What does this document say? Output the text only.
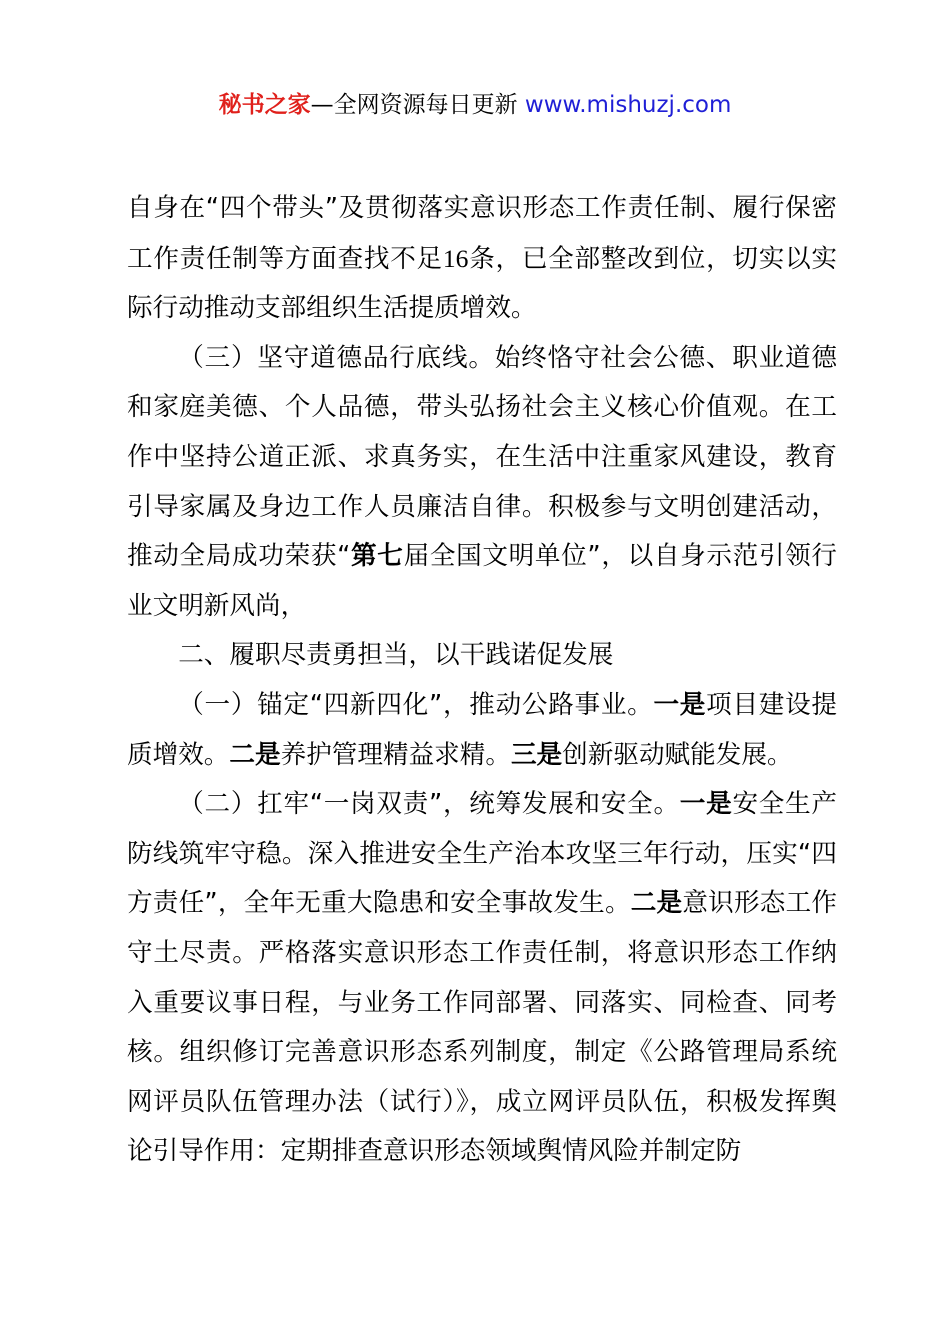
秘书之家—全网资源每日更新 www.mishuzj.com

自身在“四个带头”及贯彻落实意识形态工作责任制、履行保密工作责任制等方面查找不足16条，已全部整改到位，切实以实际行动推动支部组织生活提质增效。

（三）坚守道德品行底线。始终恪守社会公德、职业道德和家庭美德、个人品德，带头弘扬社会主义核心价值观。在工作中坚持公道正派、求真务实，在生活中注重家风建设，教育引导家属及身边工作人员廉洁自律。积极参与文明创建活动，推动全局成功荣获“第七届全国文明单位”，以自身示范引领行业文明新风尚，

二、履职尽责勇担当，以干践诺促发展

（一）锚定“四新四化”，推动公路事业。一是项目建设提质增效。二是养护管理精益求精。三是创新驱动赋能发展。

（二）扛牢“一岗双责”，统筹发展和安全。一是安全生产防线筑牢守稳。深入推进安全生产治本攻坚三年行动，压实“四方责任”，全年无重大隐患和安全事故发生。二是意识形态工作守土尽责。严格落实意识形态工作责任制，将意识形态工作纳入重要议事日程，与业务工作同部署、同落实、同检查、同考核。组织修订完善意识形态系列制度，制定《公路管理局系统网评员队伍管理办法（试行）》，成立网评员队伍，积极发挥舆论引导作用：定期排查意识形态领域舆情风险并制定防
